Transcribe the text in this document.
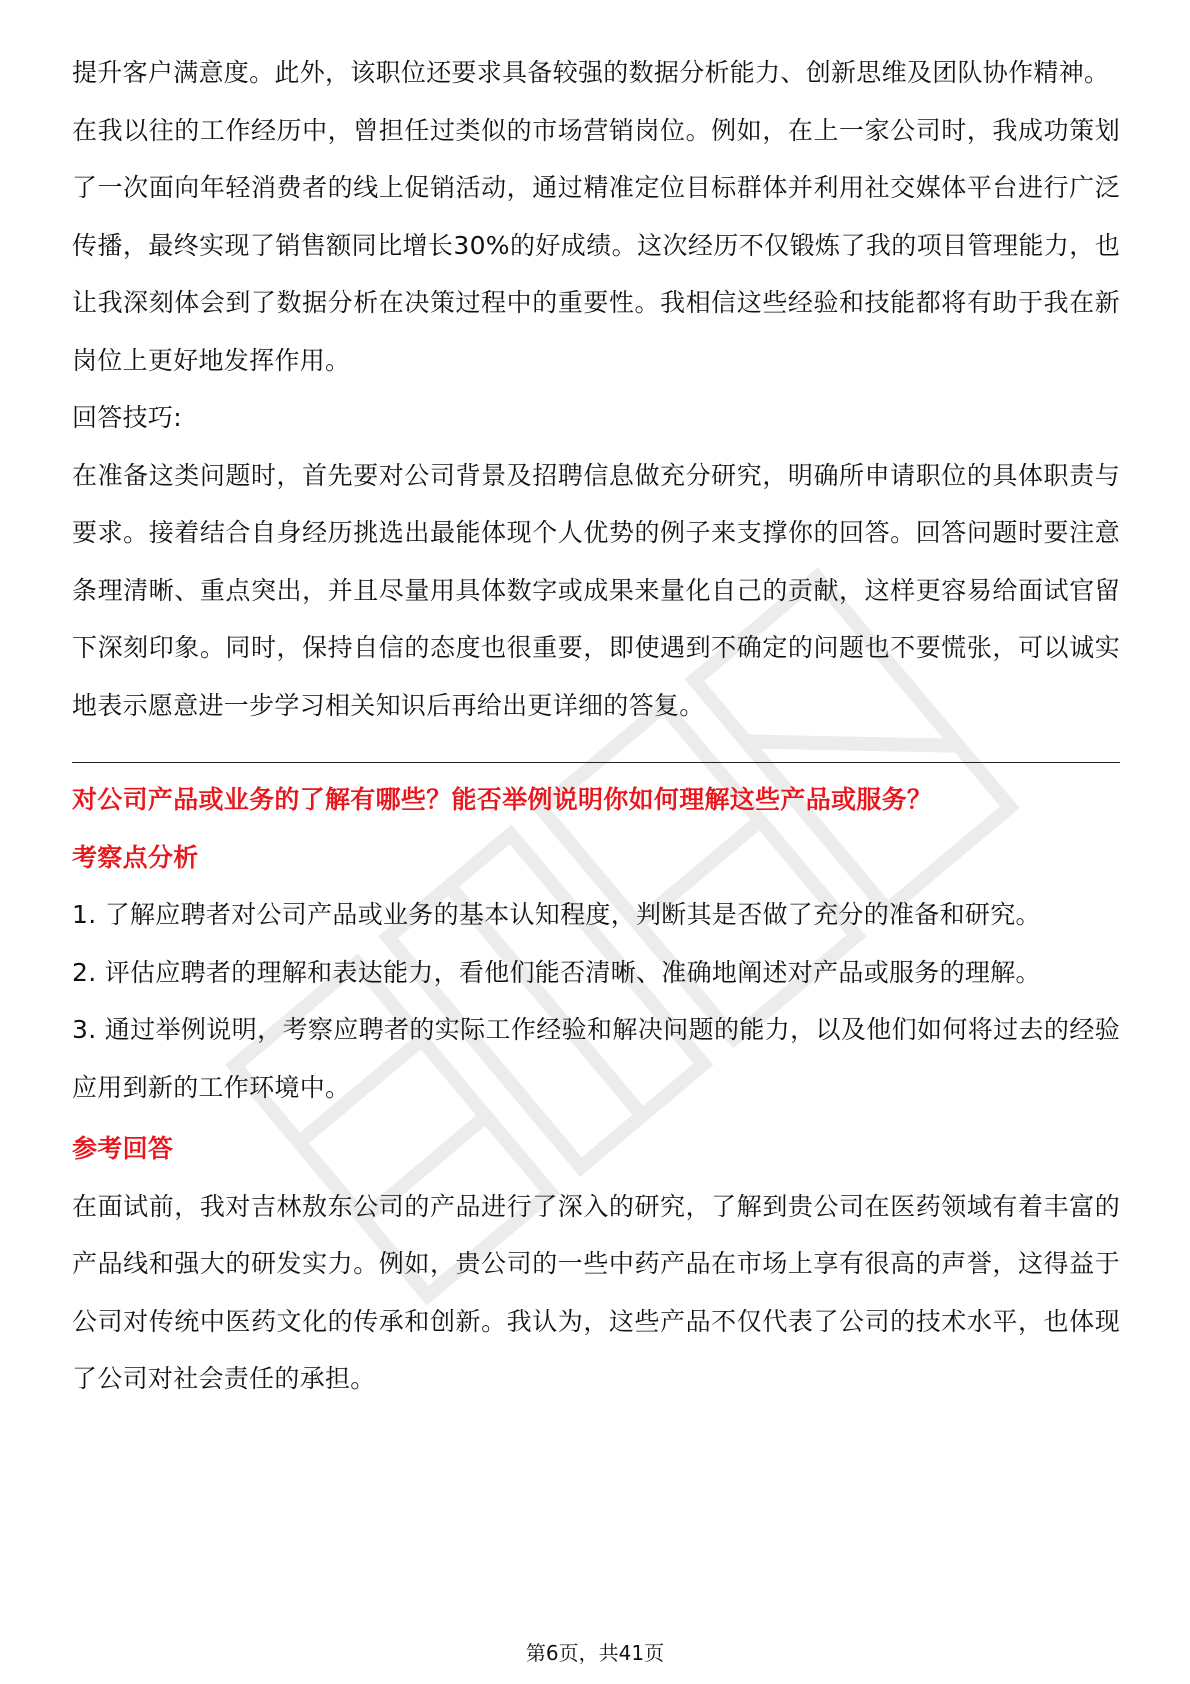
提升客户满意度。此外，该职位还要求具备较强的数据分析能力、创新思维及团队协作精神。

在我以往的工作经历中，曾担任过类似的市场营销岗位。例如，在上一家公司时，我成功策划了一次面向年轻消费者的线上促销活动，通过精准定位目标群体并利用社交媒体平台进行广泛传播，最终实现了销售额同比增长30%的好成绩。这次经历不仅锻炼了我的项目管理能力，也让我深刻体会到了数据分析在决策过程中的重要性。我相信这些经验和技能都将有助于我在新岗位上更好地发挥作用。

回答技巧:

在准备这类问题时，首先要对公司背景及招聘信息做充分研究，明确所申请职位的具体职责与要求。接着结合自身经历挑选出最能体现个人优势的例子来支撑你的回答。回答问题时要注意条理清晰、重点突出，并且尽量用具体数字或成果来量化自己的贡献，这样更容易给面试官留下深刻印象。同时，保持自信的态度也很重要，即使遇到不确定的问题也不要慌张，可以诚实地表示愿意进一步学习相关知识后再给出更详细的答复。

对公司产品或业务的了解有哪些？能否举例说明你如何理解这些产品或服务？

考察点分析

1. 了解应聘者对公司产品或业务的基本认知程度，判断其是否做了充分的准备和研究。

2. 评估应聘者的理解和表达能力，看他们能否清晰、准确地阐述对产品或服务的理解。

3. 通过举例说明，考察应聘者的实际工作经验和解决问题的能力，以及他们如何将过去的经验应用到新的工作环境中。

参考回答

在面试前，我对吉林敖东公司的产品进行了深入的研究，了解到贵公司在医药领域有着丰富的产品线和强大的研发实力。例如，贵公司的一些中药产品在市场上享有很高的声誉，这得益于公司对传统中医药文化的传承和创新。我认为，这些产品不仅代表了公司的技术水平，也体现了公司对社会责任的承担。

第6页，共41页
